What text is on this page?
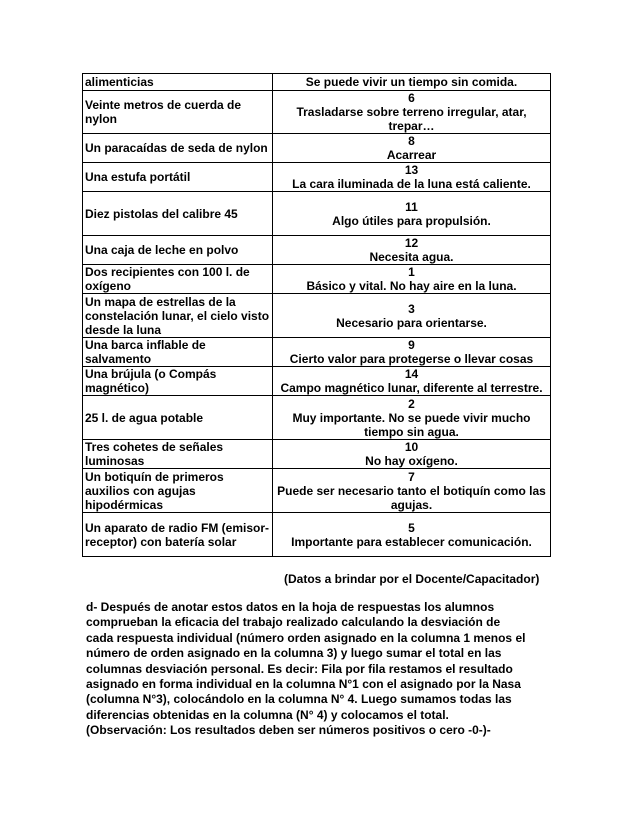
alimenticias	Se puede vivir un tiempo sin comida.

Veinte metros de cuerda de nylon	6
Trasladarse sobre terreno irregular, atar, trepar…

Un paracaídas de seda de nylon	8
Acarrear

Una estufa portátil	13
La cara iluminada de la luna está caliente.

Diez pistolas del calibre 45	11
Algo útiles para propulsión.

Una caja de leche en polvo	12
Necesita agua.

Dos recipientes con 100 l. de oxígeno	1
Básico y vital. No hay aire en la luna.

Un mapa de estrellas de la constelación lunar, el cielo visto desde la luna	3
Necesario para orientarse.

Una barca inflable de salvamento	9
Cierto valor para protegerse o llevar cosas

Una brújula (o Compás magnético)	14
Campo magnético lunar, diferente al terrestre.

25 l. de agua potable	2
Muy importante. No se puede vivir mucho tiempo sin agua.

Tres cohetes de señales luminosas	10
No hay oxígeno.

Un botiquín de primeros auxilios con agujas hipodérmicas	7
Puede ser necesario tanto el botiquín como las agujas.

Un aparato de radio FM (emisor-receptor) con batería solar	5
Importante para establecer comunicación.
(Datos a brindar por el Docente/Capacitador)
d- Después de anotar estos datos en la hoja de respuestas los alumnos
comprueban la eficacia del trabajo realizado calculando la desviación de
cada respuesta individual (número orden asignado en la columna 1 menos el
número de orden asignado en la columna 3) y luego sumar el total en las
columnas desviación personal. Es decir: Fila por fila restamos el resultado
asignado en forma individual en la columna N°1 con el asignado por la Nasa
(columna N°3), colocándolo en la columna N° 4. Luego sumamos todas las
diferencias obtenidas en la columna (N° 4) y colocamos el total.
(Observación: Los resultados deben ser números positivos o cero -0-)-
